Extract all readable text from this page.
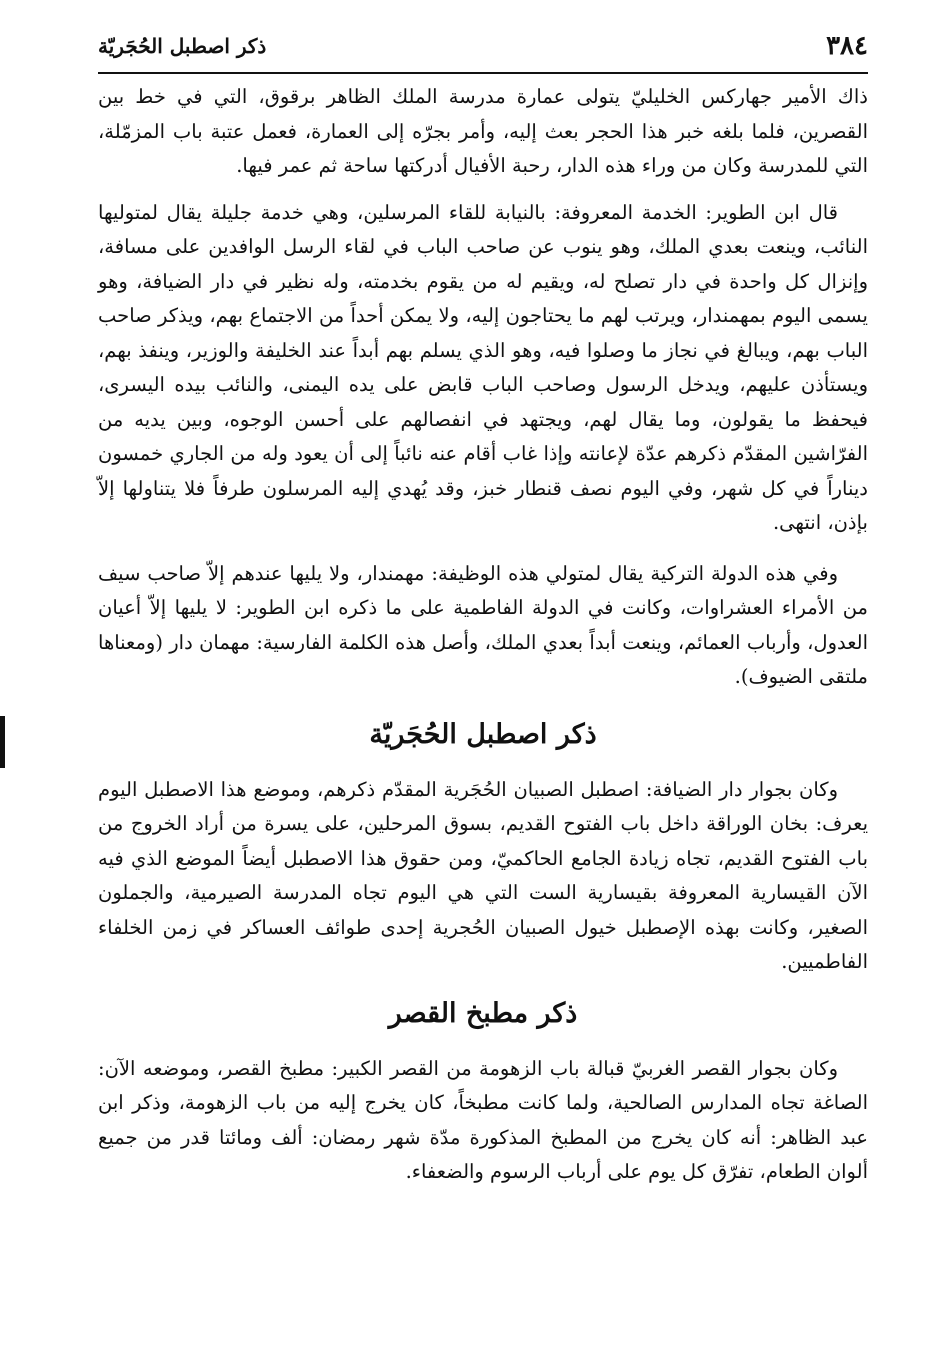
٣٨٤
ذكر اصطبل الحُجَريّة

ذاك الأمير جهاركس الخليليّ يتولى عمارة مدرسة الملك الظاهر برقوق، التي في خط بين القصرين، فلما بلغه خبر هذا الحجر بعث إليه، وأمر بجرّه إلى العمارة، فعمل عتبة باب المزمّلة، التي للمدرسة وكان من وراء هذه الدار، رحبة الأفيال أدركتها ساحة ثم عمر فيها.

قال ابن الطوير: الخدمة المعروفة: بالنيابة للقاء المرسلين، وهي خدمة جليلة يقال لمتوليها النائب، وينعت بعدي الملك، وهو ينوب عن صاحب الباب في لقاء الرسل الوافدين على مسافة، وإنزال كل واحدة في دار تصلح له، ويقيم له من يقوم بخدمته، وله نظير في دار الضيافة، وهو يسمى اليوم بمهمندار، ويرتب لهم ما يحتاجون إليه، ولا يمكن أحداً من الاجتماع بهم، ويذكر صاحب الباب بهم، ويبالغ في نجاز ما وصلوا فيه، وهو الذي يسلم بهم أبداً عند الخليفة والوزير، وينفذ بهم، ويستأذن عليهم، ويدخل الرسول وصاحب الباب قابض على يده اليمنى، والنائب بيده اليسرى، فيحفظ ما يقولون، وما يقال لهم، ويجتهد في انفصالهم على أحسن الوجوه، وبين يديه من الفرّاشين المقدّم ذكرهم عدّة لإعانته وإذا غاب أقام عنه نائباً إلى أن يعود وله من الجاري خمسون ديناراً في كل شهر، وفي اليوم نصف قنطار خبز، وقد يُهدي إليه المرسلون طرفاً فلا يتناولها إلاّ بإذن، انتهى.

وفي هذه الدولة التركية يقال لمتولي هذه الوظيفة: مهمندار، ولا يليها عندهم إلاّ صاحب سيف من الأمراء العشراوات، وكانت في الدولة الفاطمية على ما ذكره ابن الطوير: لا يليها إلاّ أعيان العدول، وأرباب العمائم، وينعت أبداً بعدي الملك، وأصل هذه الكلمة الفارسية: مهمان دار (ومعناها ملتقى الضيوف).

ذكر اصطبل الحُجَريّة

وكان بجوار دار الضيافة: اصطبل الصبيان الحُجَرية المقدّم ذكرهم، وموضع هذا الاصطبل اليوم يعرف: بخان الوراقة داخل باب الفتوح القديم، بسوق المرحلين، على يسرة من أراد الخروج من باب الفتوح القديم، تجاه زيادة الجامع الحاكميّ، ومن حقوق هذا الاصطبل أيضاً الموضع الذي فيه الآن القيسارية المعروفة بقيسارية الست التي هي اليوم تجاه المدرسة الصيرمية، والجملون الصغير، وكانت بهذه الإصطبل خيول الصبيان الحُجرية إحدى طوائف العساكر في زمن الخلفاء الفاطميين.

ذكر مطبخ القصر

وكان بجوار القصر الغربيّ قبالة باب الزهومة من القصر الكبير: مطبخ القصر، وموضعه الآن: الصاغة تجاه المدارس الصالحية، ولما كانت مطبخاً، كان يخرج إليه من باب الزهومة، وذكر ابن عبد الظاهر: أنه كان يخرج من المطبخ المذكورة مدّة شهر رمضان: ألف ومائتا قدر من جميع ألوان الطعام، تفرّق كل يوم على أرباب الرسوم والضعفاء.
